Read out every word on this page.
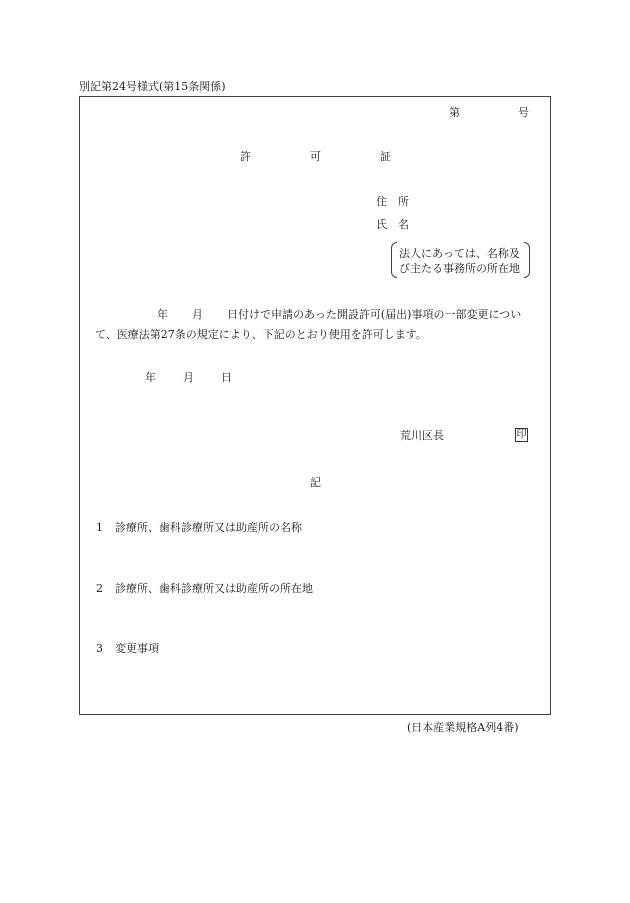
別記第24号様式(第15条関係)
第	号
許	可	証
住　所
氏　名
法人にあっては、名称及
び主たる事務所の所在地
年 月 日付けで申請のあった開設許可(届出)事項の一部変更につい
て、医療法第27条の規定により、下記のとおり使用を許可します。
年 月 日
荒川区長	印
記
1 診療所、歯科診療所又は助産所の名称
2 診療所、歯科診療所又は助産所の所在地
3 変更事項
(日本産業規格A列4番)
